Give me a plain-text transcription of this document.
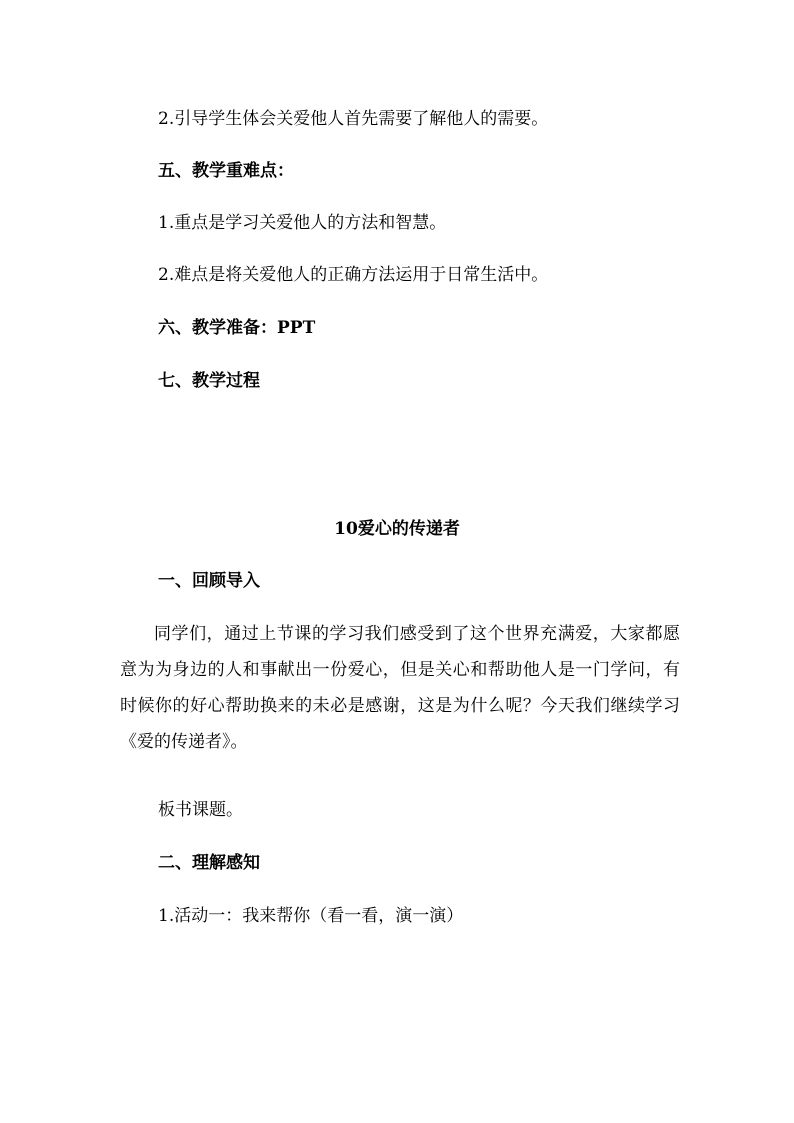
2.引导学生体会关爱他人首先需要了解他人的需要。
五、教学重难点：
1.重点是学习关爱他人的方法和智慧。
2.难点是将关爱他人的正确方法运用于日常生活中。
六、教学准备：PPT
七、教学过程
10爱心的传递者
一、回顾导入
同学们，通过上节课的学习我们感受到了这个世界充满爱，大家都愿意为为身边的人和事献出一份爱心，但是关心和帮助他人是一门学问，有时候你的好心帮助换来的未必是感谢，这是为什么呢？今天我们继续学习《爱的传递者》。
板书课题。
二、理解感知
1.活动一：我来帮你（看一看，演一演）
